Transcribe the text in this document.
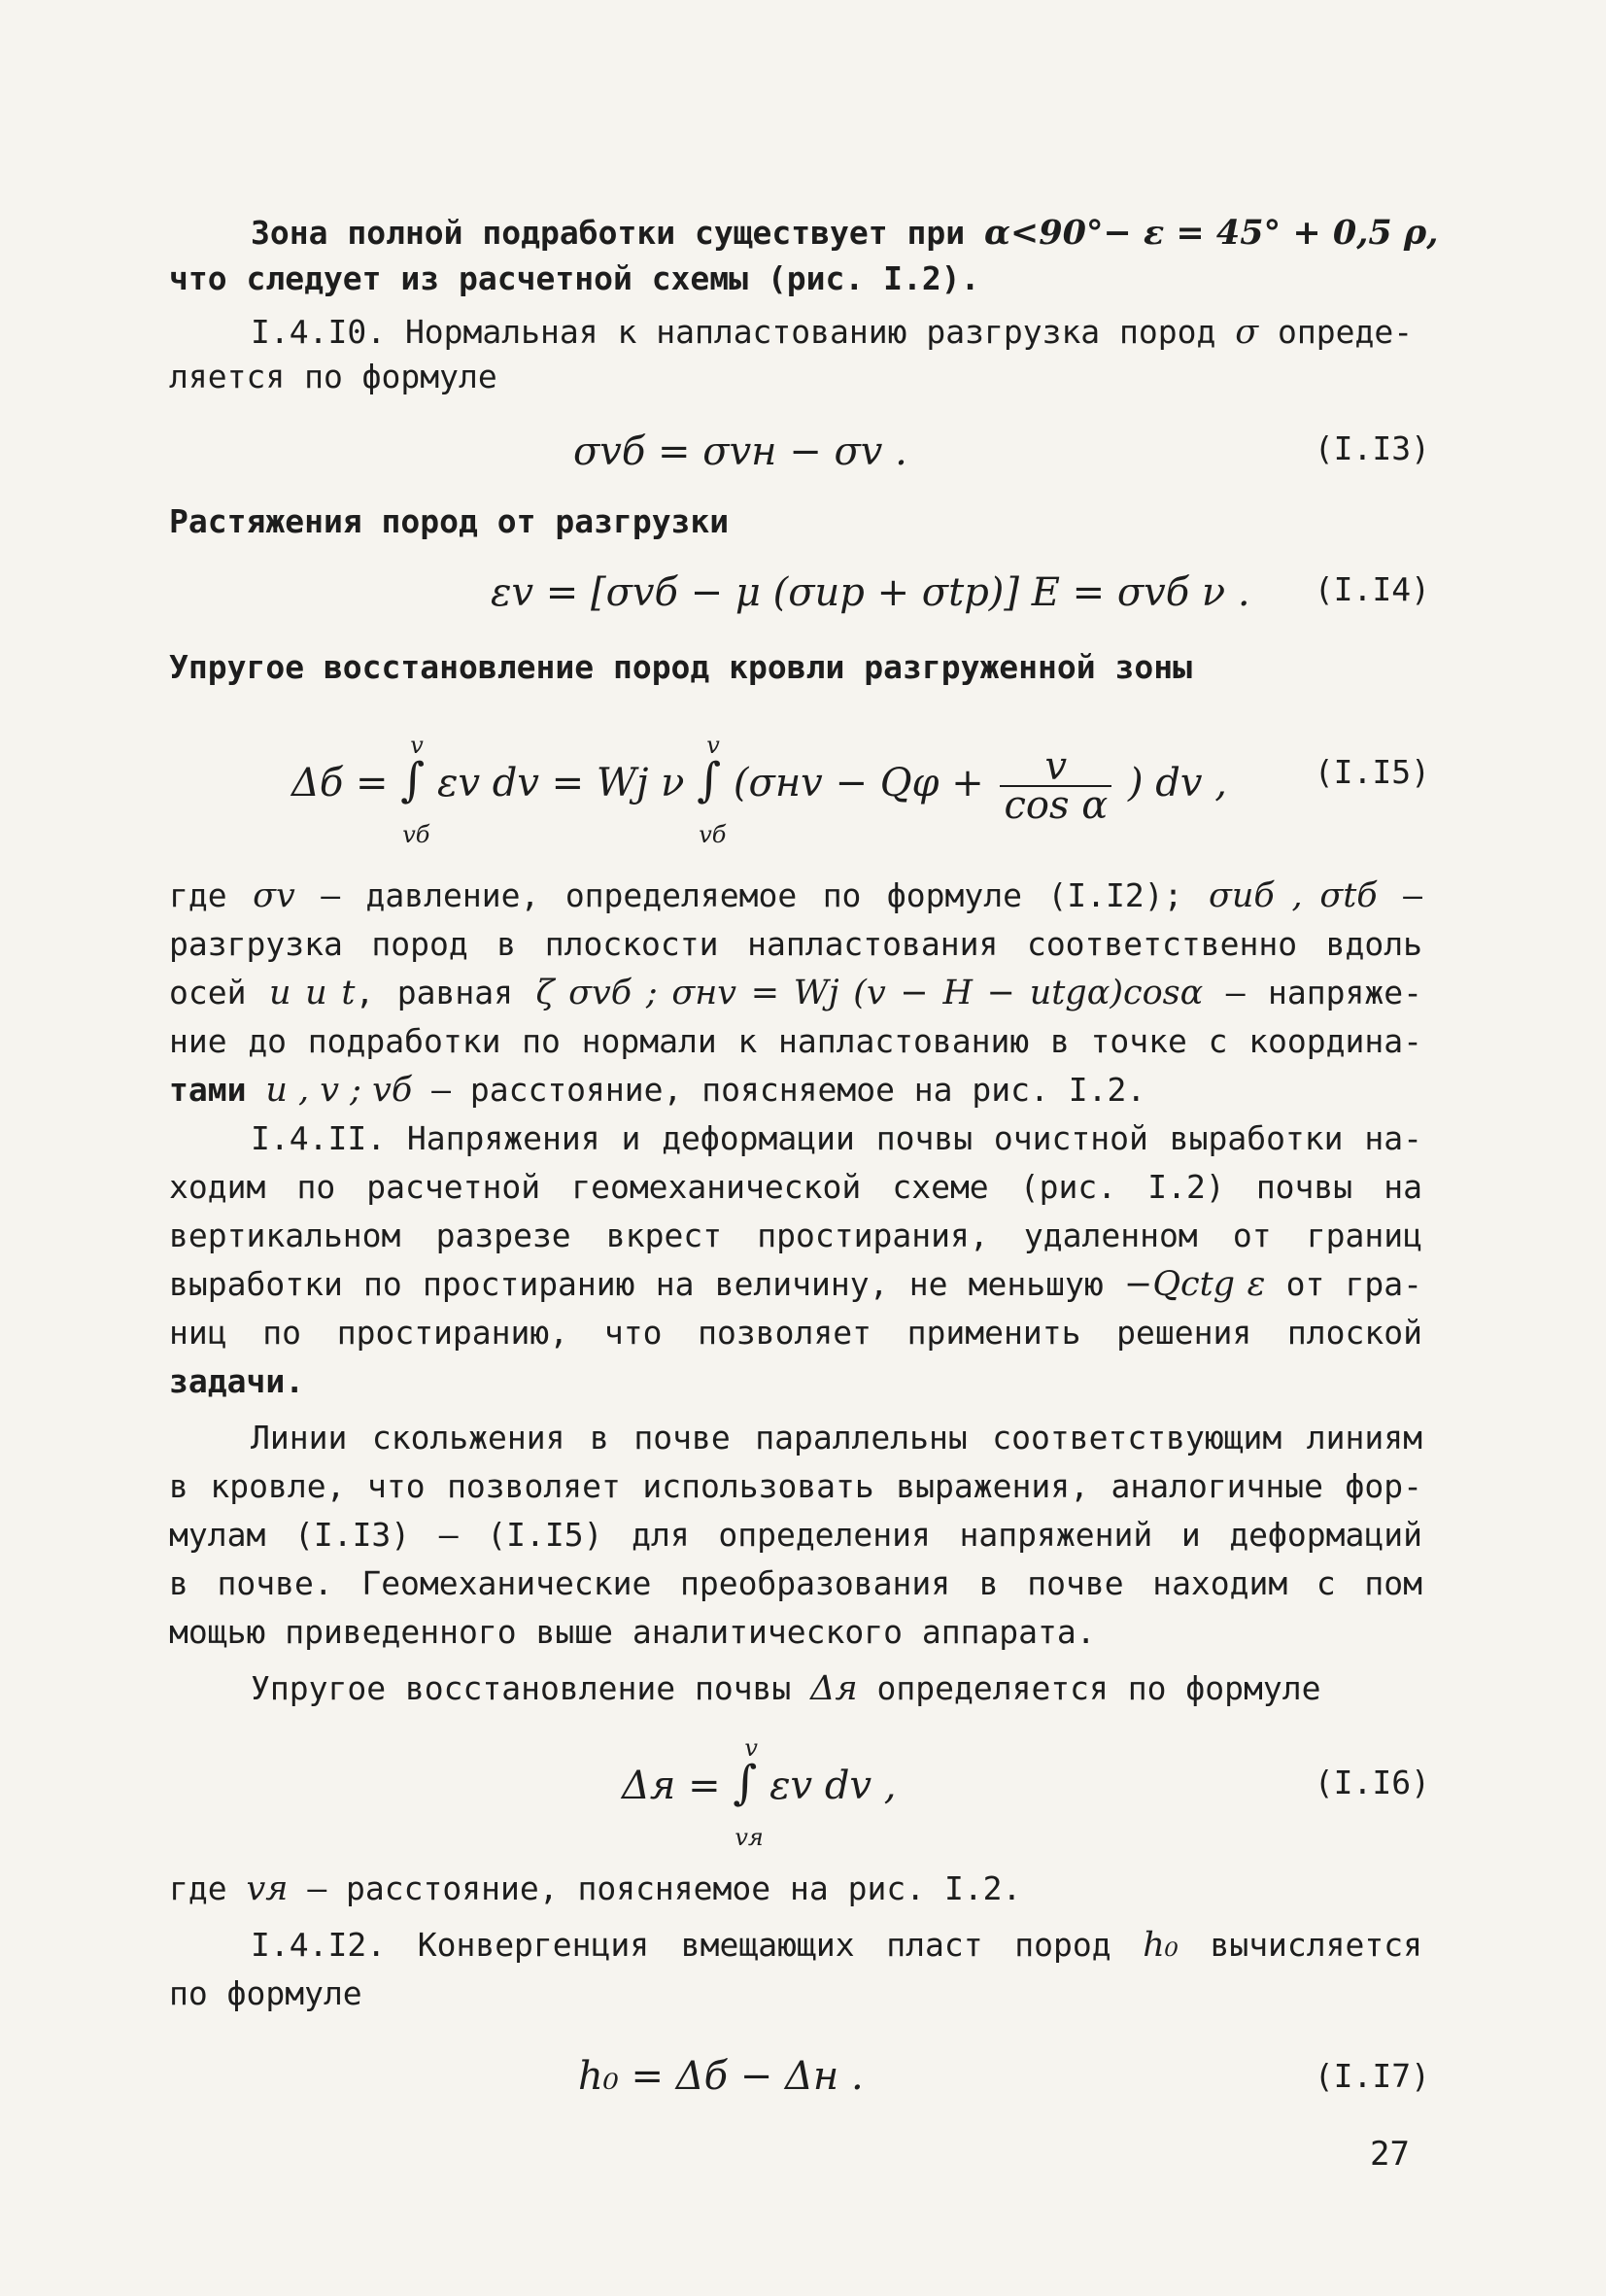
Зона полной подработки существует при α<90°− ε = 45° + 0,5 ρ,
что следует из расчетной схемы (рис. I.2).
I.4.I0. Нормальная к напластованию разгрузка пород σ опреде-
ляется по формуле
σvб = σvн − σv .	(I.I3)
Растяжения пород от разгрузки
εv = [σvб − μ (σuр + σtр)] E = σvб ν . (I.I4)
Упругое восстановление пород кровли разгруженной зоны
Δб =
v
∫
vб
εv dv = Wj ν
v
∫
vб
($\sigma нv - Q\varphi + \frac{v}{\text{cos α}}$ ) dv ,	(I.I5)
где σv – давление, определяемое по формуле (I.I2); σuб , σtб –
разгрузка пород в плоскости напластования соответственно вдоль
осей u и t, равная ζ σvб ; σнv = Wj (v − H − utgα)cosα – напряже-
ние до подработки по нормали к напластованию в точке с координа-
тами u , v ; vб – расстояние, поясняемое на рис. I.2.
I.4.II. Напряжения и деформации почвы очистной выработки на-
ходим по расчетной геомеханической схеме (рис. I.2) почвы на
вертикальном разрезе вкрест простирания, удаленном от границ
выработки по простиранию на величину, не меньшую −Qctg ε от гра-
ниц по простиранию, что позволяет применить решения плоской
задачи.
Линии скольжения в почве параллельны соответствующим линиям
в кровле, что позволяет использовать выражения, аналогичные фор-
мулам (I.I3) – (I.I5) для определения напряжений и деформаций
в почве. Геомеханические преобразования в почве находим с пом
мощью приведенного выше аналитического аппарата.
Упругое восстановление почвы Δя определяется по формуле
Δя =
v
∫
vя
εv dv ,	(I.I6)
где vя – расстояние, поясняемое на рис. I.2.
I.4.I2. Конвергенция вмещающих пласт пород h₀ вычисляется
по формуле
h₀ = Δб − Δн .	(I.I7)
27
